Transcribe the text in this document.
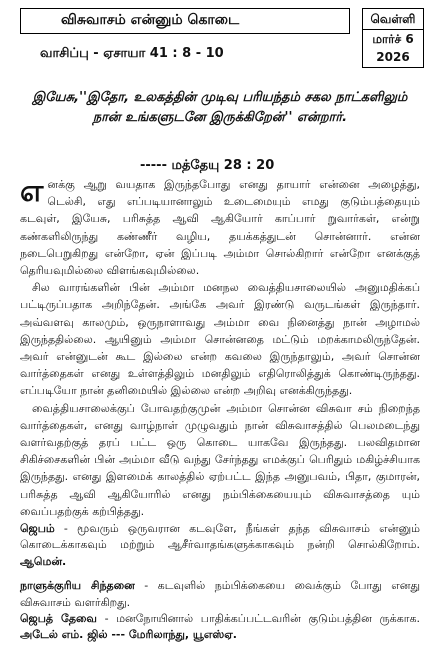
விசுவாசம் என்னும் கொடை
வாசிப்பு - ஏசாயா 41 : 8 - 10
வெள்ளி
மார்ச் 6
2026
இயேசு,''இதோ, உலகத்தின் முடிவு பரியந்தம் சகல நாட்களிலும் நான் உங்களுடனே இருக்கிறேன்'' என்றார்.
----- மத்தேயு 28 : 20

எனக்கு ஆறு வயதாக இருந்தபோது எனது தாயார் என்னை அழைத்து, டெல்சி, எது எப்படியானாலும் உடைமையும் எமது குடும்பத்தையும் கடவுள், இயேசு, பரிசுத்த ஆவி ஆகியோர் காப்பார் றுவார்கள், என்று கண்களிலிருந்து கண்ணீர் வழிய, தயக்கத்துடன் சொன்னார். என்ன நடைபெறுகிறது என்றோ, ஏன் இப்படி அம்மா சொல்கிறார் என்றோ எனக்குத் தெரியவுமில்லை விளங்கவுமில்லை.

சில வாரங்களின் பின் அம்மா மனநல வைத்தியசாலையில் அனுமதிக்கப் பட்டிருப்பதாக அறிந்தேன். அங்கே அவர் இரண்டு வருடங்கள் இருந்தார். அவ்வளவு காலமும், ஒருநாளாவது அம்மா வை நினைத்து நான் அழாமல் இருந்ததில்லை. ஆயினும் அம்மா சொன்னதை மட்டும் மறக்காமலிருந்தேன். அவர் என்னுடன் கூட இல்லை என்ற கவலை இருந்தாலும், அவர் சொன்ன வார்த்தைகள் எனது உள்ளத்திலும் மனதிலும் எதிரொலித்துக் கொண்டிருந்தது. எப்படியோ நான் தனிமையில் இல்லை என்ற அறிவு எனக்கிருந்தது.

வைத்தியசாலைக்குப் போவதற்குமுன் அம்மா சொன்ன விசுவா சம் நிறைந்த வார்த்தைகள், எனது வாழ்நாள் முழுவதும் நான் விசுவாசத்தில் பெலமடைந்து வளர்வதற்குத் தரப் பட்ட ஒரு கொடை யாகவே இருந்தது. பலவிதமான சிகிச்சைகளின் பின் அம்மா வீடு வந்து சேர்ந்தது எமக்குப் பெரிதும் மகிழ்ச்சியாக இருந்தது. எனது இளமைக் காலத்தில் ஏற்பட்ட இந்த அனுபவம், பிதா, குமாரன், பரிசுத்த ஆவி ஆகியோரில் எனது நம்பிக்கையையும் விசுவாசத்தை யும் வைப்பதற்குக் கற்பித்தது.

ஜெபம் - மூவரும் ஒருவரான கடவுளே, நீங்கள் தந்த விசுவாசம் என்னும் கொடைக்காகவும் மற்றும் ஆசீர்வாதங்களுக்காகவும் நன்றி சொல்கிறோம். ஆமென்.
நாளுக்குரிய சிந்தனை - கடவுளில் நம்பிக்கையை வைக்கும் போது எனது விசுவாசம் வளர்கிறது.
ஜெபத் தேவை - மனநோயினால் பாதிக்கப்பட்டவரின் குடும்பத்தின ருக்காக. அடேல் எம். ஜில் --- மேரிலாந்து, யூஎஸ்ஏ.
